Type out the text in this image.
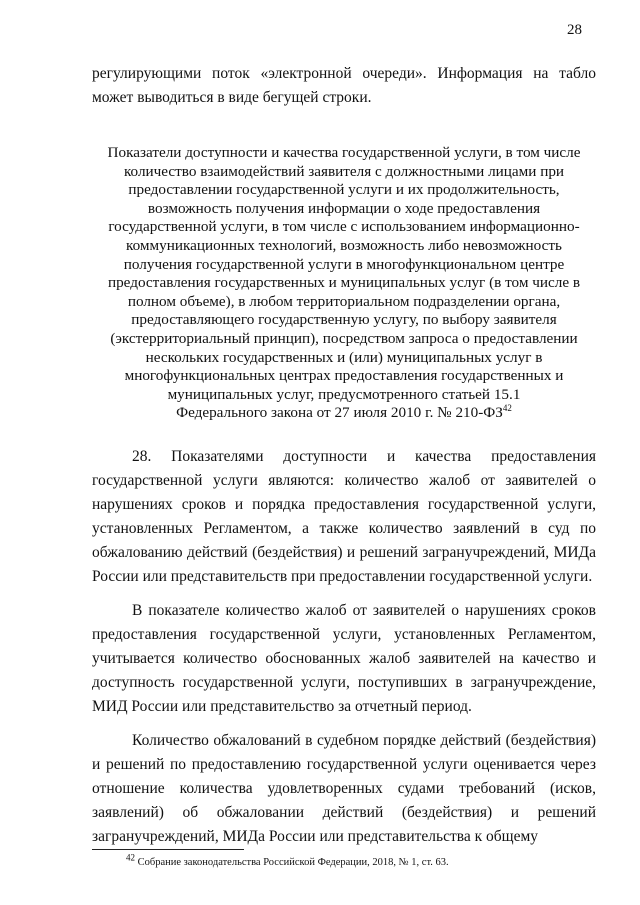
28

регулирующими поток «электронной очереди». Информация на табло может выводиться в виде бегущей строки.

Показатели доступности и качества государственной услуги, в том числе количество взаимодействий заявителя с должностными лицами при предоставлении государственной услуги и их продолжительность, возможность получения информации о ходе предоставления государственной услуги, в том числе с использованием информационно-коммуникационных технологий, возможность либо невозможность получения государственной услуги в многофункциональном центре предоставления государственных и муниципальных услуг (в том числе в полном объеме), в любом территориальном подразделении органа, предоставляющего государственную услугу, по выбору заявителя (экстерриториальный принцип), посредством запроса о предоставлении нескольких государственных и (или) муниципальных услуг в многофункциональных центрах предоставления государственных и муниципальных услуг, предусмотренного статьей 15.1
Федерального закона от 27 июля 2010 г. № 210-ФЗ$^{42}$

28. Показателями доступности и качества предоставления государственной услуги являются: количество жалоб от заявителей о нарушениях сроков и порядка предоставления государственной услуги, установленных Регламентом, а также количество заявлений в суд по обжалованию действий (бездействия) и решений загранучреждений, МИДа России или представительств при предоставлении государственной услуги.

В показателе количество жалоб от заявителей о нарушениях сроков предоставления государственной услуги, установленных Регламентом, учитывается количество обоснованных жалоб заявителей на качество и доступность государственной услуги, поступивших в загранучреждение, МИД России или представительство за отчетный период.

Количество обжалований в судебном порядке действий (бездействия) и решений по предоставлению государственной услуги оценивается через отношение количества удовлетворенных судами требований (исков, заявлений) об обжаловании действий (бездействия) и решений загранучреждений, МИДа России или представительства к общему

$^{42}$ Собрание законодательства Российской Федерации, 2018, № 1, ст. 63.
